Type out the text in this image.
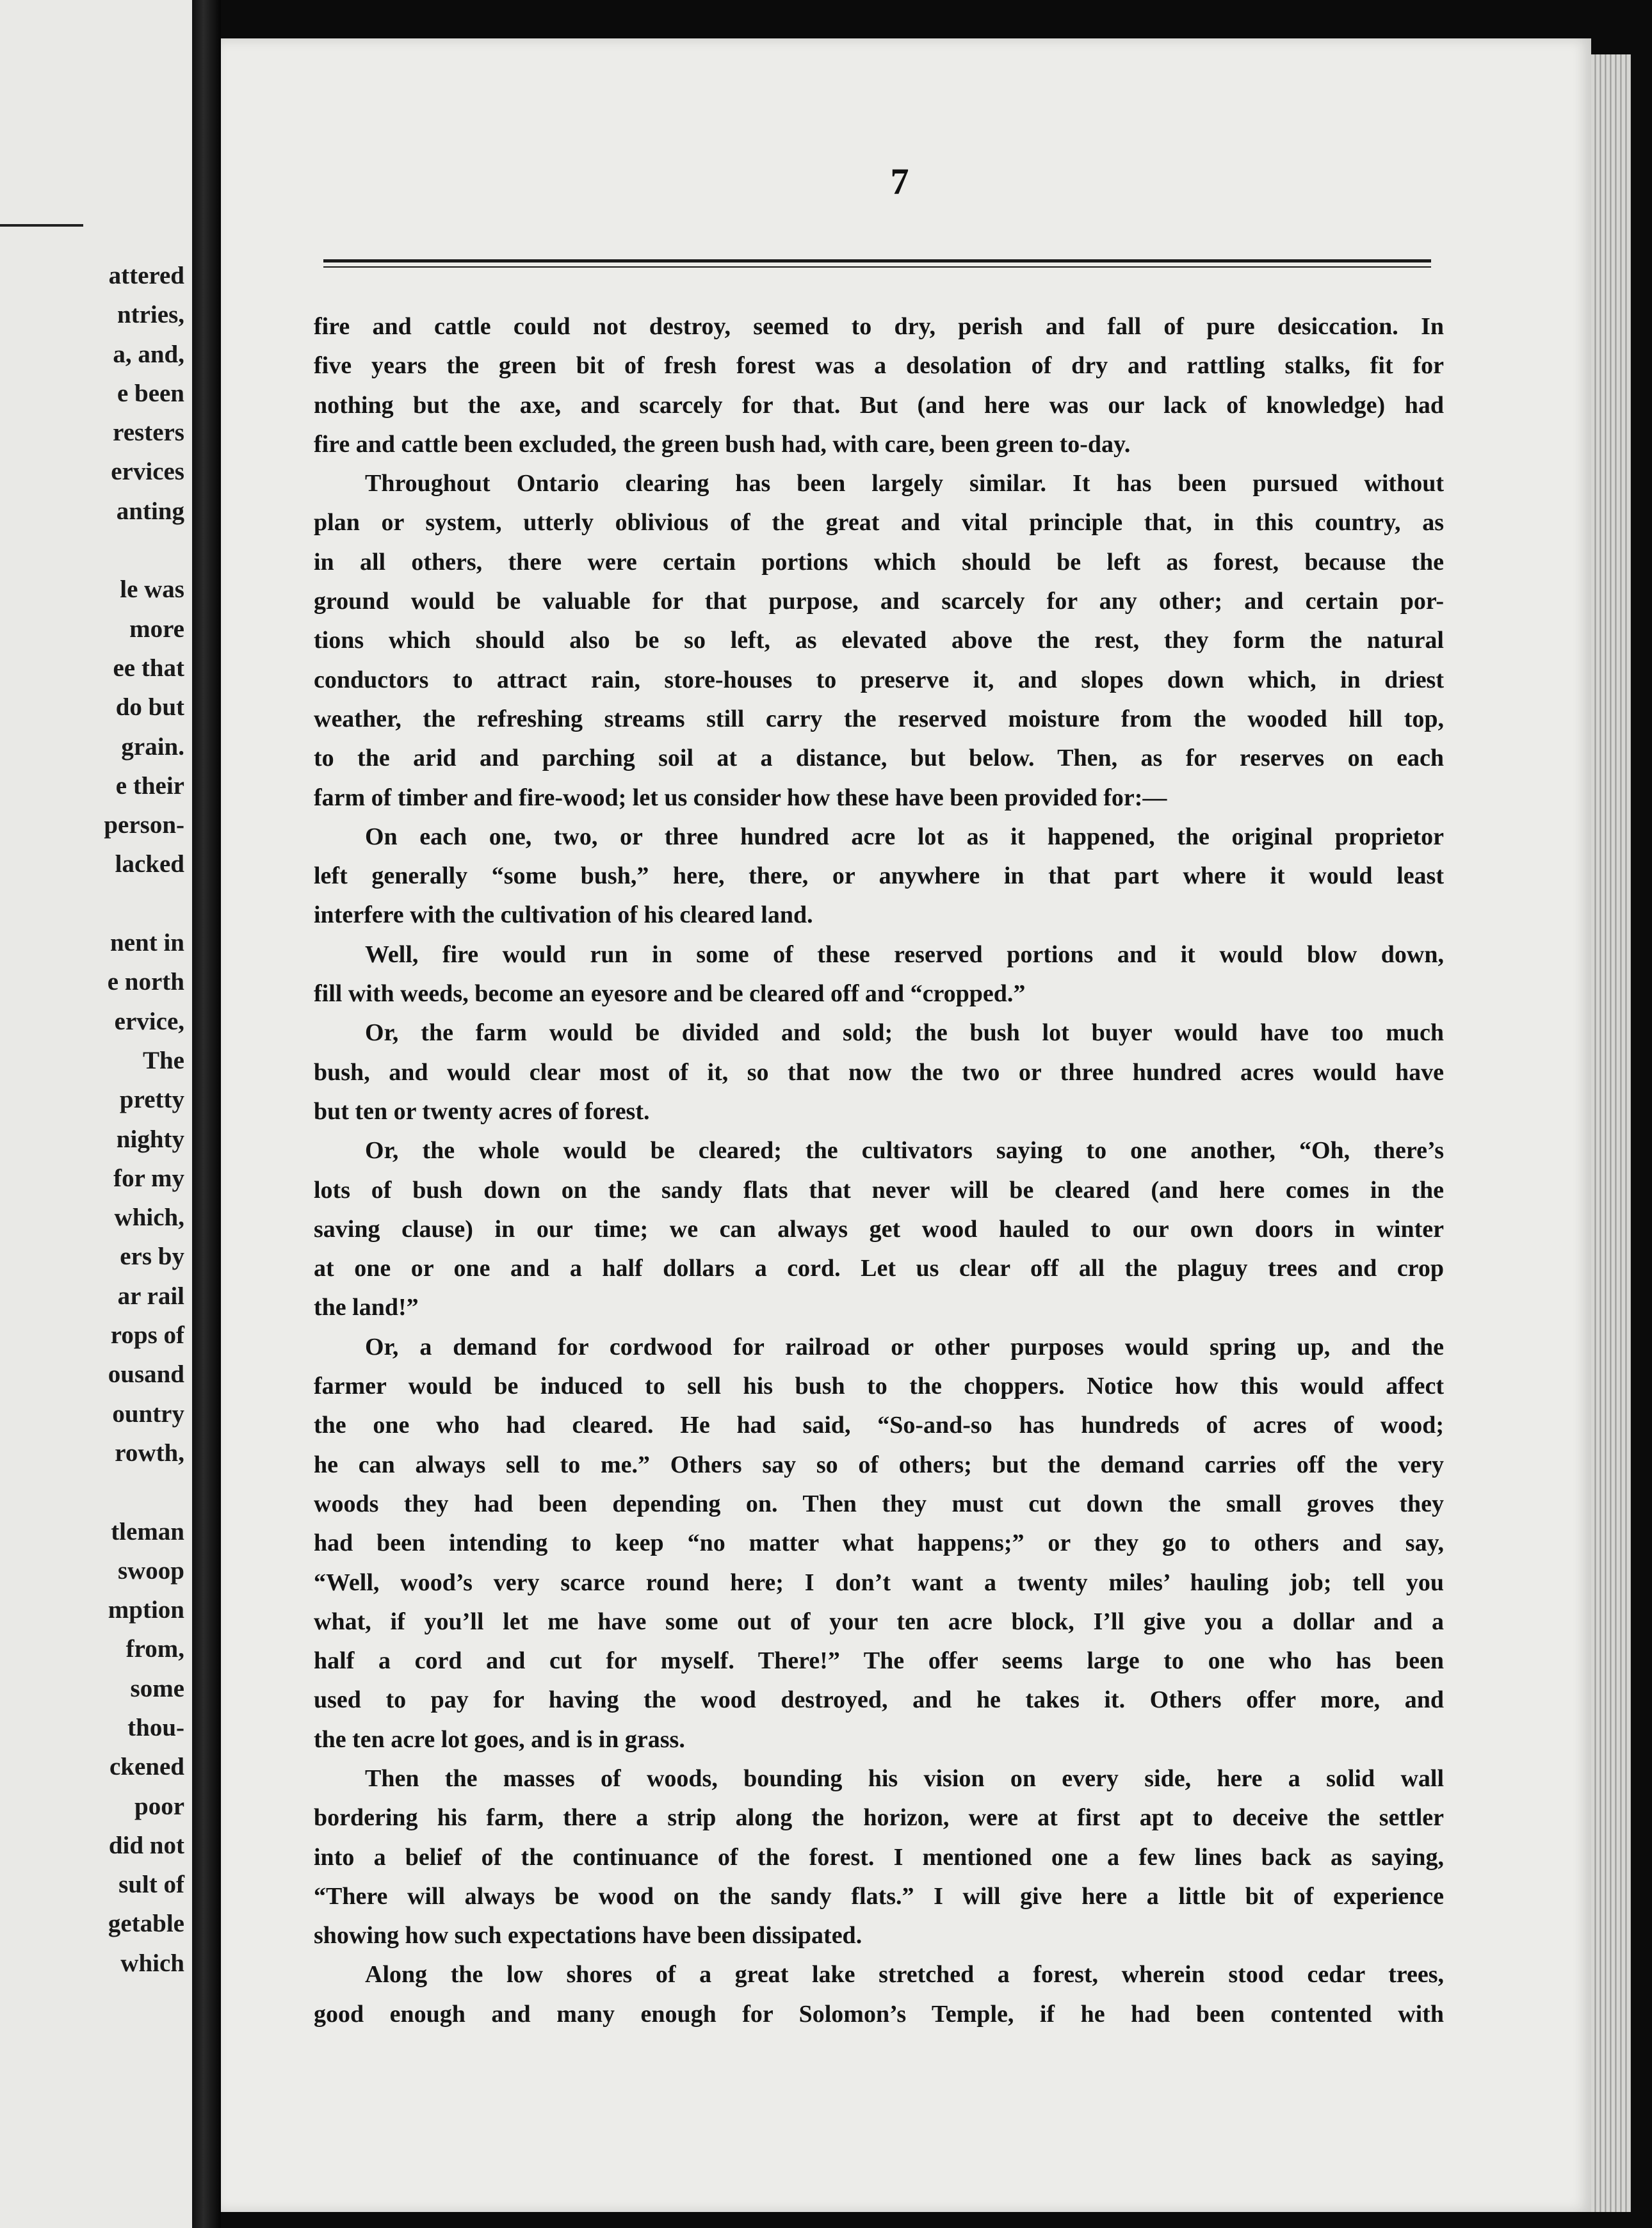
attered
ntries,
a, and,
e been
resters
ervices
anting
le was
more
ee that
do but
grain.
e their
person-
lacked
nent in
e north
ervice,
The
pretty
nighty
for my
which,
ers by
ar rail
rops of
ousand
ountry
rowth,
tleman
swoop
mption
from,
some
thou-
ckened
poor
did not
sult of
getable
which
7
fire and cattle could not destroy, seemed to dry, perish and fall of pure desiccation. In
five years the green bit of fresh forest was a desolation of dry and rattling stalks, fit for
nothing but the axe, and scarcely for that. But (and here was our lack of knowledge) had
fire and cattle been excluded, the green bush had, with care, been green to-day.
Throughout Ontario clearing has been largely similar. It has been pursued without
plan or system, utterly oblivious of the great and vital principle that, in this country, as
in all others, there were certain portions which should be left as forest, because the
ground would be valuable for that purpose, and scarcely for any other; and certain por-
tions which should also be so left, as elevated above the rest, they form the natural
conductors to attract rain, store-houses to preserve it, and slopes down which, in driest
weather, the refreshing streams still carry the reserved moisture from the wooded hill top,
to the arid and parching soil at a distance, but below. Then, as for reserves on each
farm of timber and fire-wood; let us consider how these have been provided for:—
On each one, two, or three hundred acre lot as it happened, the original proprietor
left generally “some bush,” here, there, or anywhere in that part where it would least
interfere with the cultivation of his cleared land.
Well, fire would run in some of these reserved portions and it would blow down,
fill with weeds, become an eyesore and be cleared off and “cropped.”
Or, the farm would be divided and sold; the bush lot buyer would have too much
bush, and would clear most of it, so that now the two or three hundred acres would have
but ten or twenty acres of forest.
Or, the whole would be cleared; the cultivators saying to one another, “Oh, there’s
lots of bush down on the sandy flats that never will be cleared (and here comes in the
saving clause) in our time; we can always get wood hauled to our own doors in winter
at one or one and a half dollars a cord. Let us clear off all the plaguy trees and crop
the land!”
Or, a demand for cordwood for railroad or other purposes would spring up, and the
farmer would be induced to sell his bush to the choppers. Notice how this would affect
the one who had cleared. He had said, “So-and-so has hundreds of acres of wood;
he can always sell to me.” Others say so of others; but the demand carries off the very
woods they had been depending on. Then they must cut down the small groves they
had been intending to keep “no matter what happens;” or they go to others and say,
“Well, wood’s very scarce round here; I don’t want a twenty miles’ hauling job; tell you
what, if you’ll let me have some out of your ten acre block, I’ll give you a dollar and a
half a cord and cut for myself. There!” The offer seems large to one who has been
used to pay for having the wood destroyed, and he takes it. Others offer more, and
the ten acre lot goes, and is in grass.
Then the masses of woods, bounding his vision on every side, here a solid wall
bordering his farm, there a strip along the horizon, were at first apt to deceive the settler
into a belief of the continuance of the forest. I mentioned one a few lines back as saying,
“There will always be wood on the sandy flats.” I will give here a little bit of experience
showing how such expectations have been dissipated.
Along the low shores of a great lake stretched a forest, wherein stood cedar trees,
good enough and many enough for Solomon’s Temple, if he had been contented with
